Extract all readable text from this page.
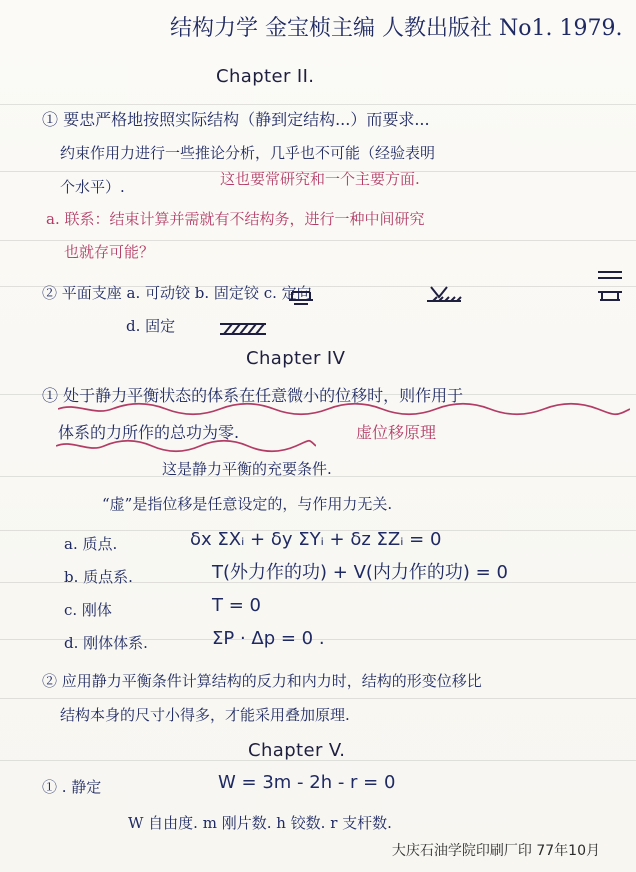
结构力学 金宝桢主编 人教出版社 No1. 1979.
Chapter II.
① 要忠严格地按照实际结构（静到定结构...）而要求...
约束作用力进行一些推论分析，几乎也不可能（经验表明
个水平）.	这也要常研究和一个主要方面.
a. 联系：结束计算并需就有不结构务，进行一种中间研究
也就存可能？
② 平面支座 a. 可动铰 b. 固定铰 c. 定向
d. 固定
Chapter IV
① 处于静力平衡状态的体系在任意微小的位移时，则作用于
体系的力所作的总功为零.	虚位移原理
这是静力平衡的充要条件.
“虚”是指位移是任意设定的，与作用力无关.
a. 质点.	δx ΣXᵢ + δy ΣYᵢ + δz ΣZᵢ = 0
b. 质点系.	T(外力作的功) + V(内力作的功) = 0
c. 刚体	T = 0
d. 刚体体系.	ΣP · Δp = 0 .
② 应用静力平衡条件计算结构的反力和内力时，结构的形变位移比
结构本身的尺寸小得多，才能采用叠加原理.
Chapter V.
① . 静定	W = 3m - 2h - r = 0
W 自由度. m 刚片数. h 铰数. r 支杆数.
大庆石油学院印刷厂印 77年10月
